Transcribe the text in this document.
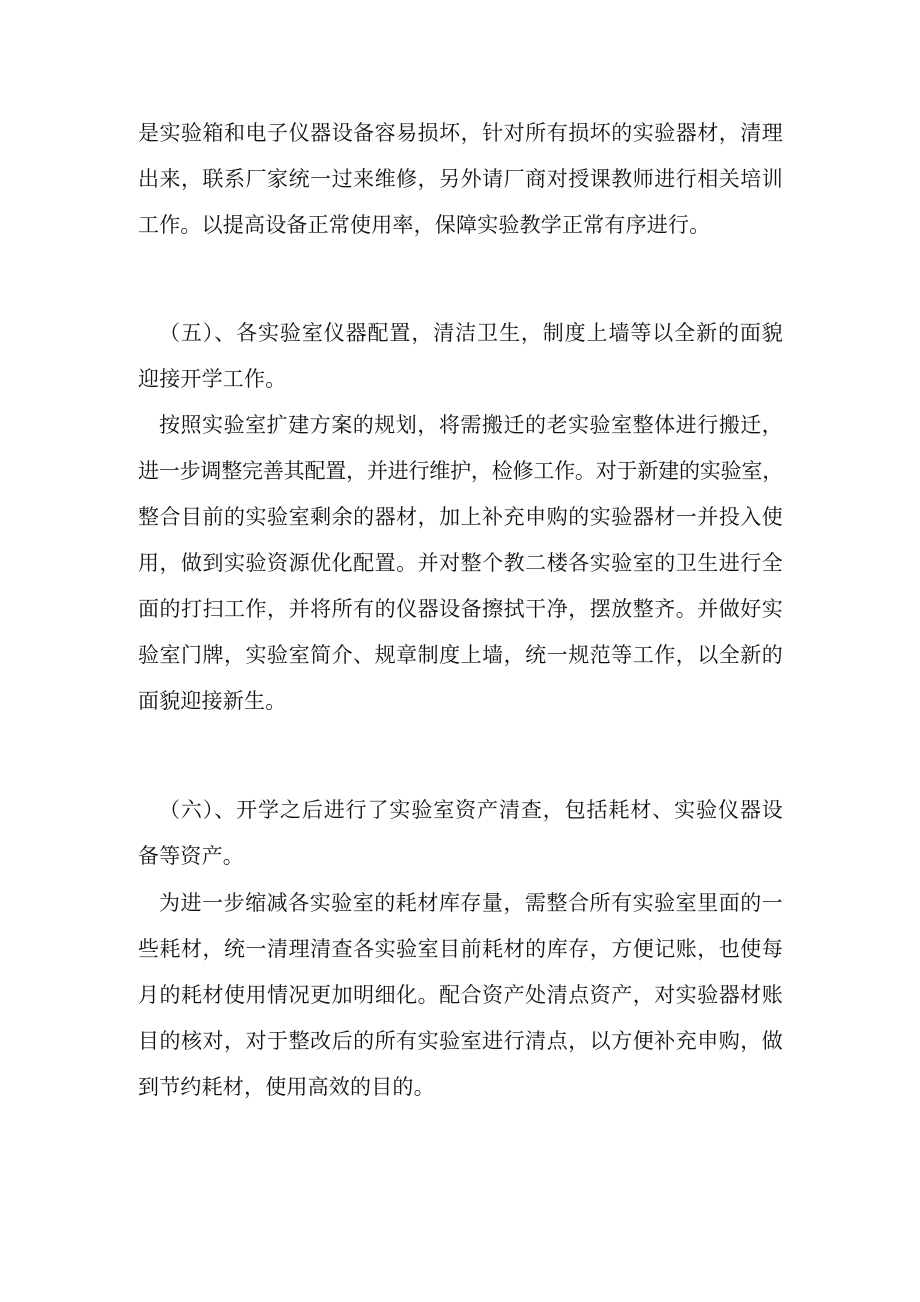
是实验箱和电子仪器设备容易损坏，针对所有损坏的实验器材，清理
出来，联系厂家统一过来维修，另外请厂商对授课教师进行相关培训
工作。以提高设备正常使用率，保障实验教学正常有序进行。
（五）、各实验室仪器配置，清洁卫生，制度上墙等以全新的面貌
迎接开学工作。
按照实验室扩建方案的规划，将需搬迁的老实验室整体进行搬迁，
进一步调整完善其配置，并进行维护，检修工作。对于新建的实验室，
整合目前的实验室剩余的器材，加上补充申购的实验器材一并投入使
用，做到实验资源优化配置。并对整个教二楼各实验室的卫生进行全
面的打扫工作，并将所有的仪器设备擦拭干净，摆放整齐。并做好实
验室门牌，实验室简介、规章制度上墙，统一规范等工作，以全新的
面貌迎接新生。
（六）、开学之后进行了实验室资产清查，包括耗材、实验仪器设
备等资产。
为进一步缩减各实验室的耗材库存量，需整合所有实验室里面的一
些耗材，统一清理清查各实验室目前耗材的库存，方便记账，也使每
月的耗材使用情况更加明细化。配合资产处清点资产，对实验器材账
目的核对，对于整改后的所有实验室进行清点，以方便补充申购，做
到节约耗材，使用高效的目的。
